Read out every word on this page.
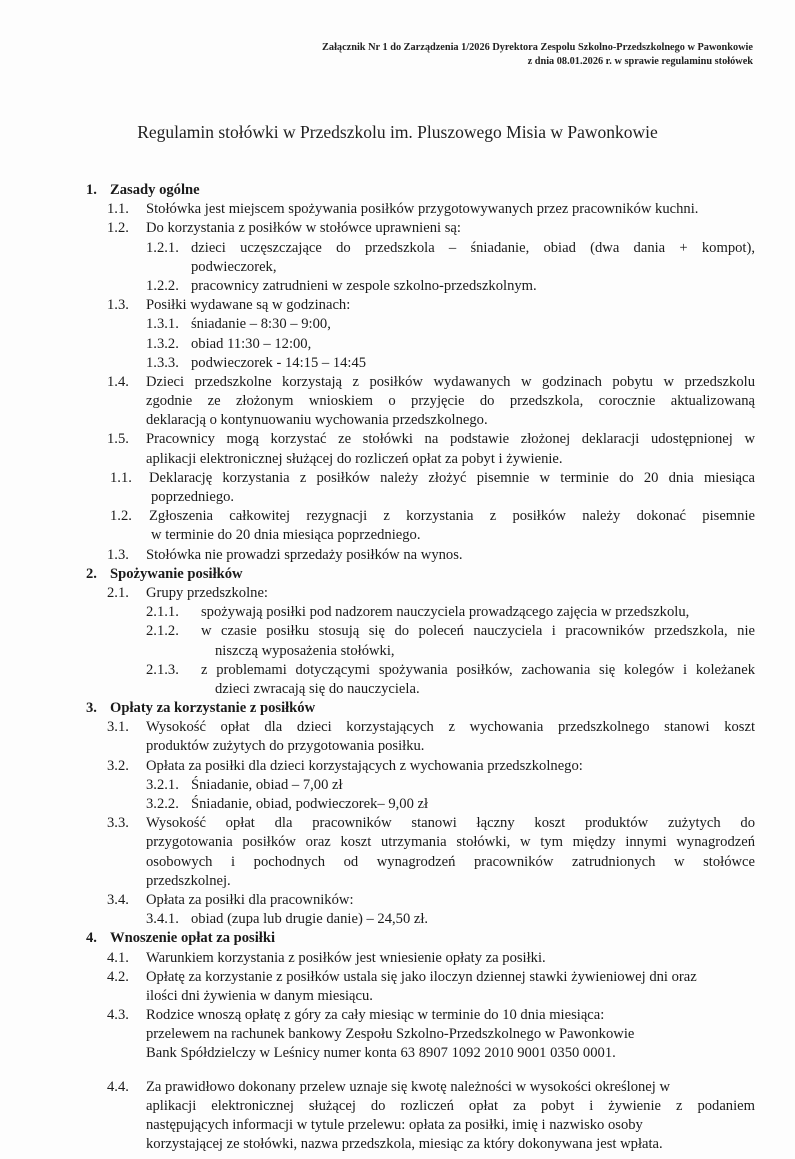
Załącznik Nr 1 do Zarządzenia 1/2026 Dyrektora Zespolu Szkolno-Przedszkolnego w Pawonkowie
z dnia 08.01.2026 r. w sprawie regulaminu stołówek
Regulamin stołówki w Przedszkolu im. Pluszowego Misia w Pawonkowie
1. Zasady ogólne
1.1. Stołówka jest miejscem spożywania posiłków przygotowywanych przez pracowników kuchni.
1.2. Do korzystania z posiłków w stołówce uprawnieni są:
1.2.1. dzieci uczęszczające do przedszkola – śniadanie, obiad (dwa dania + kompot),
podwieczorek,
1.2.2. pracownicy zatrudnieni w zespole szkolno-przedszkolnym.
1.3. Posiłki wydawane są w godzinach:
1.3.1. śniadanie – 8:30 – 9:00,
1.3.2. obiad 11:30 – 12:00,
1.3.3. podwieczorek - 14:15 – 14:45
1.4. Dzieci przedszkolne korzystają z posiłków wydawanych w godzinach pobytu w przedszkolu
zgodnie ze złożonym wnioskiem o przyjęcie do przedszkola, corocznie aktualizowaną
deklaracją o kontynuowaniu wychowania przedszkolnego.
1.5. Pracownicy mogą korzystać ze stołówki na podstawie złożonej deklaracji udostępnionej w
aplikacji elektronicznej służącej do rozliczeń opłat za pobyt i żywienie.
1.1. Deklarację korzystania z posiłków należy złożyć pisemnie w terminie do 20 dnia miesiąca
poprzedniego.
1.2. Zgłoszenia całkowitej rezygnacji z korzystania z posiłków należy dokonać pisemnie
w terminie do 20 dnia miesiąca poprzedniego.
1.3. Stołówka nie prowadzi sprzedaży posiłków na wynos.
2. Spożywanie posiłków
2.1. Grupy przedszkolne:
2.1.1. spożywają posiłki pod nadzorem nauczyciela prowadzącego zajęcia w przedszkolu,
2.1.2. w czasie posiłku stosują się do poleceń nauczyciela i pracowników przedszkola, nie
niszczą wyposażenia stołówki,
2.1.3. z problemami dotyczącymi spożywania posiłków, zachowania się kolegów i koleżanek
dzieci zwracają się do nauczyciela.
3. Opłaty za korzystanie z posiłków
3.1. Wysokość opłat dla dzieci korzystających z wychowania przedszkolnego stanowi koszt
produktów zużytych do przygotowania posiłku.
3.2. Opłata za posiłki dla dzieci korzystających z wychowania przedszkolnego:
3.2.1. Śniadanie, obiad – 7,00 zł
3.2.2. Śniadanie, obiad, podwieczorek– 9,00 zł
3.3. Wysokość opłat dla pracowników stanowi łączny koszt produktów zużytych do
przygotowania posiłków oraz koszt utrzymania stołówki, w tym między innymi wynagrodzeń
osobowych i pochodnych od wynagrodzeń pracowników zatrudnionych w stołówce
przedszkolnej.
3.4. Opłata za posiłki dla pracowników:
3.4.1. obiad (zupa lub drugie danie) – 24,50 zł.
4. Wnoszenie opłat za posiłki
4.1. Warunkiem korzystania z posiłków jest wniesienie opłaty za posiłki.
4.2. Opłatę za korzystanie z posiłków ustala się jako iloczyn dziennej stawki żywieniowej dni oraz
ilości dni żywienia w danym miesiącu.
4.3. Rodzice wnoszą opłatę z góry za cały miesiąc w terminie do 10 dnia miesiąca:
przelewem na rachunek bankowy Zespołu Szkolno-Przedszkolnego w Pawonkowie
Bank Spółdzielczy w Leśnicy numer konta 63 8907 1092 2010 9001 0350 0001.
4.4. Za prawidłowo dokonany przelew uznaje się kwotę należności w wysokości określonej w
aplikacji elektronicznej służącej do rozliczeń opłat za pobyt i żywienie z podaniem
następujących informacji w tytule przelewu: opłata za posiłki, imię i nazwisko osoby
korzystającej ze stołówki, nazwa przedszkola, miesiąc za który dokonywana jest wpłata.
